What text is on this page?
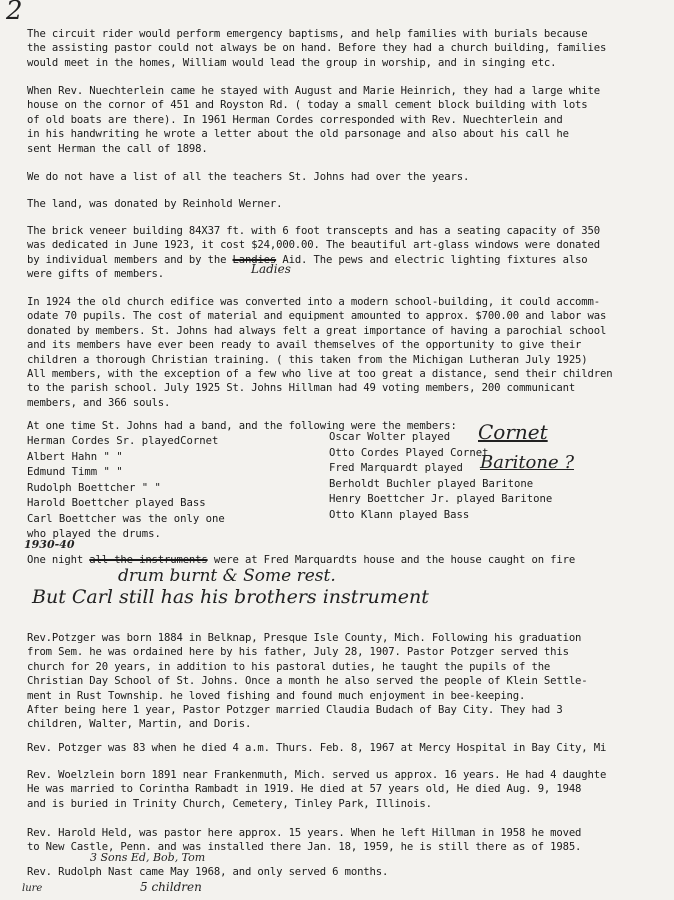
2
The circuit rider would perform emergency baptisms, and help families with burials because
the assisting pastor could not always be on hand. Before they had a church building, families
would meet in the homes, William would lead the group in worship, and in singing etc.
When Rev. Nuechterlein came he stayed with August and Marie Heinrich, they had a large white
house on the cornor of 451 and Royston Rd. ( today a small cement block building with lots
of old boats are there). In 1961 Herman Cordes corresponded with Rev. Nuechterlein and
in his handwriting he wrote a letter about the old parsonage and also about his call he
sent Herman the call of 1898.
We do not have a list of all the teachers St. Johns had over the years.
The land, was donated by Reinhold Werner.
The brick veneer building 84X37 ft. with 6 foot transcepts and has a seating capacity of 350
was dedicated in June 1923, it cost $24,000.00. The beautiful art-glass windows were donated
by individual members and by the Landies Aid. The pews and electric lighting fixtures also
were gifts of members.	Ladies
In 1924 the old church edifice was converted into a modern school-building, it could accomm-
odate 70 pupils. The cost of material and equipment amounted to approx. $700.00 and labor was
donated by members. St. Johns had always felt a great importance of having a parochial school
and its members have ever been ready to avail themselves of the opportunity to give their
children a thorough Christian training. ( this taken from the Michigan Lutheran July 1925)
All members, with the exception of a few who live at too great a distance, send their children
to the parish school. July 1925 St. Johns Hillman had 49 voting members, 200 communicant
members, and 366 souls.
At one time St. Johns had a band, and the following were the members:
Herman Cordes Sr. playedCornet
Albert Hahn " "
Edmund Timm " "
Rudolph Boettcher " "
Harold Boettcher played Bass
Carl Boettcher was the only one
who played the drums.
Oscar Wolter played
Otto Cordes Played Cornet
Fred Marquardt played
Berholdt Buchler played Baritone
Henry Boettcher Jr. played Baritone
Otto Klann played Bass
Cornet
Baritone ?
1930-40
One night all the instruments were at Fred Marquardts house and the house caught on fire
drum burnt & Some rest.
But Carl still has his brothers instrument
Rev.Potzger was born 1884 in Belknap, Presque Isle County, Mich. Following his graduation
from Sem. he was ordained here by his father, July 28, 1907. Pastor Potzger served this
church for 20 years, in addition to his pastoral duties, he taught the pupils of the
Christian Day School of St. Johns. Once a month he also served the people of Klein Settle-
ment in Rust Township. he loved fishing and found much enjoyment in bee-keeping.
After being here 1 year, Pastor Potzger married Claudia Budach of Bay City. They had 3
children, Walter, Martin, and Doris.
Rev. Potzger was 83 when he died 4 a.m. Thurs. Feb. 8, 1967 at Mercy Hospital in Bay City, Mi
Rev. Woelzlein born 1891 near Frankenmuth, Mich. served us approx. 16 years. He had 4 daughte
He was married to Corintha Rambadt in 1919. He died at 57 years old, He died Aug. 9, 1948
and is buried in Trinity Church, Cemetery, Tinley Park, Illinois.
Rev. Harold Held, was pastor here approx. 15 years. When he left Hillman in 1958 he moved
to New Castle, Penn. and was installed there Jan. 18, 1959, he is still there as of 1985.
3 Sons Ed, Bob, Tom
Rev. Rudolph Nast came May 1968, and only served 6 months.
lure	5 children
